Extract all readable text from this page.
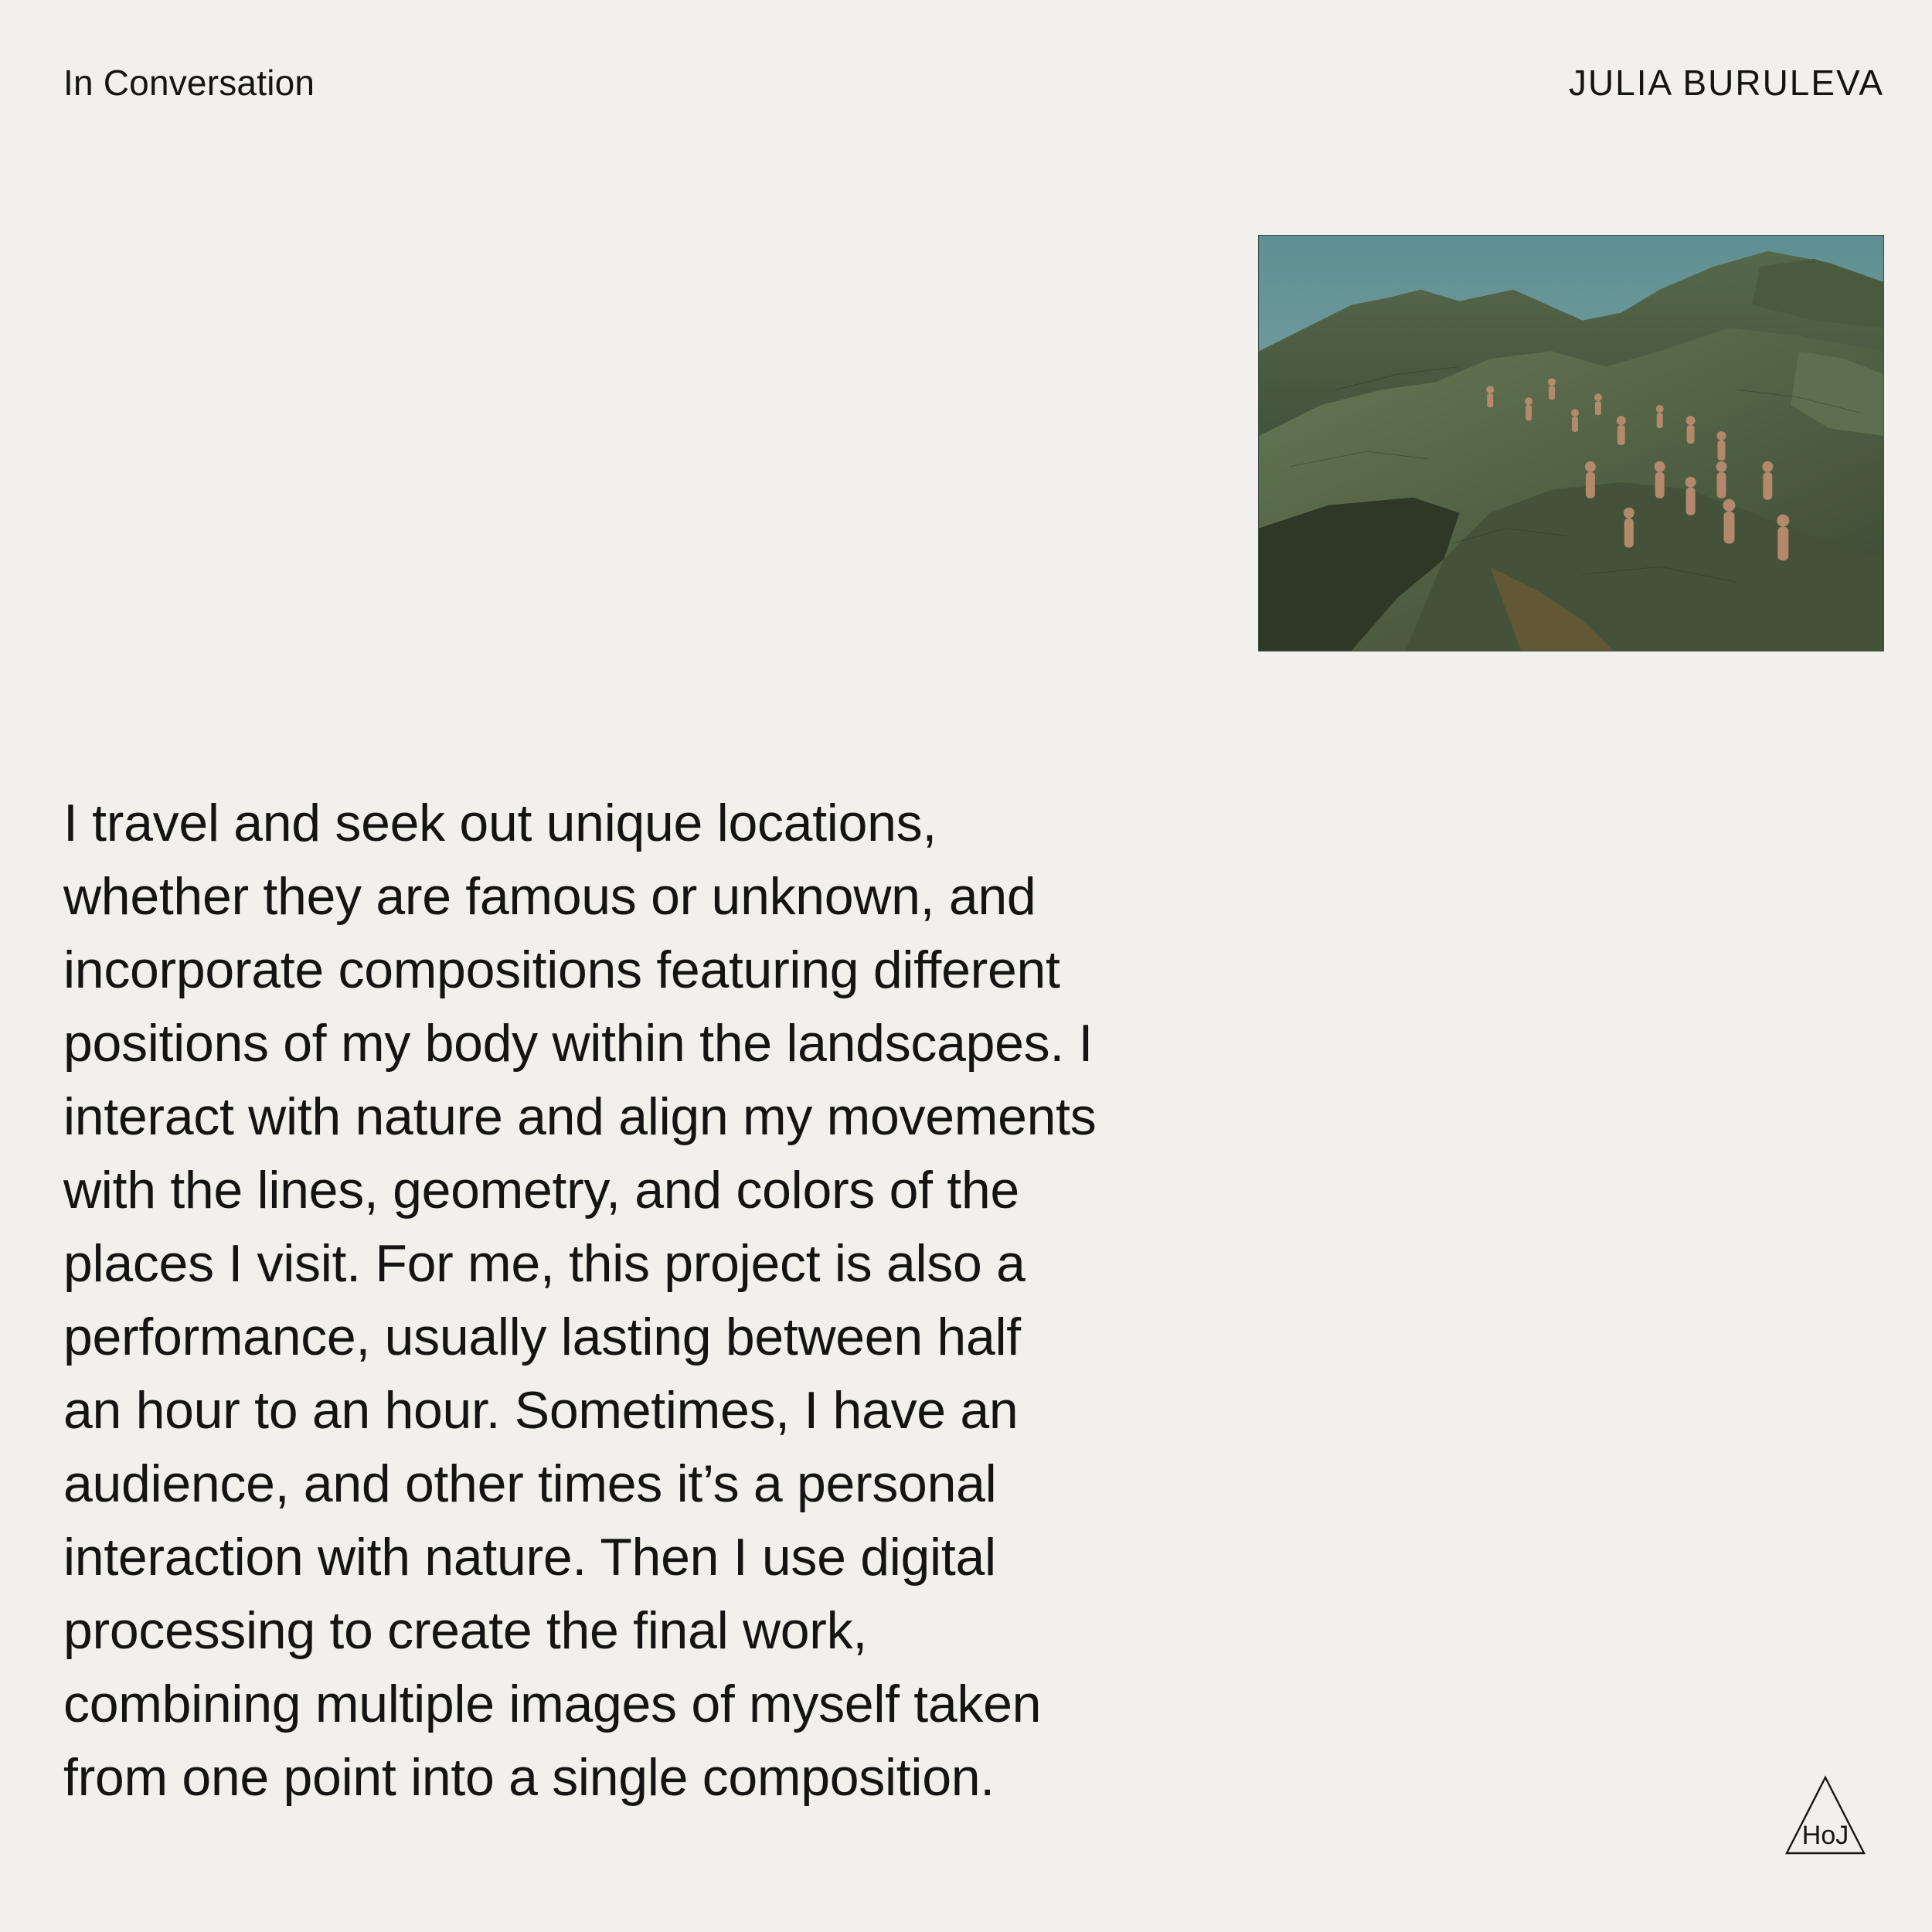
In Conversation	JULIA BURULEVA

I travel and seek out unique locations,
whether they are famous or unknown, and
incorporate compositions featuring different
positions of my body within the landscapes. I
interact with nature and align my movements
with the lines, geometry, and colors of the
places I visit. For me, this project is also a
performance, usually lasting between half
an hour to an hour. Sometimes, I have an
audience, and other times it’s a personal
interaction with nature. Then I use digital
processing to create the final work,
combining multiple images of myself taken
from one point into a single composition.

HoJ
